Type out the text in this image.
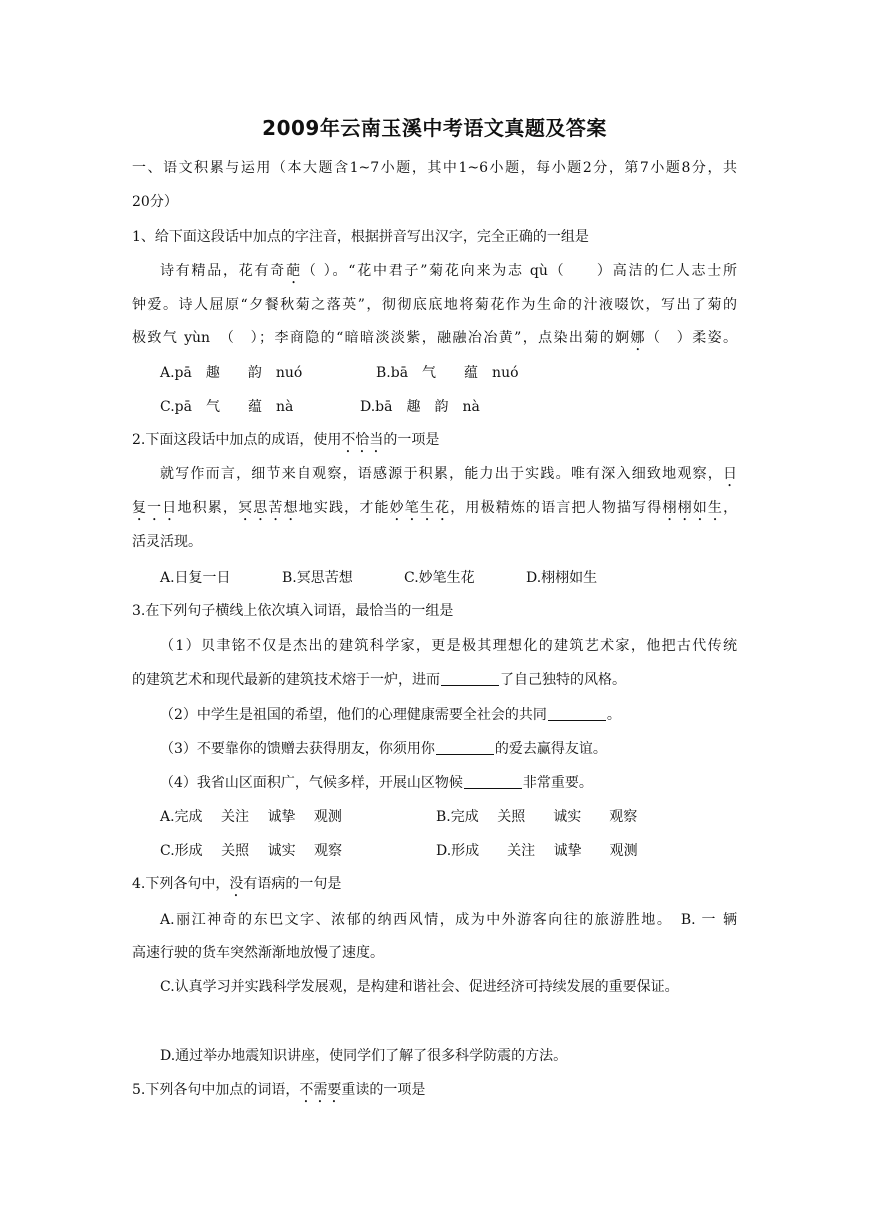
2009年云南玉溪中考语文真题及答案
一、语文积累与运用（本大题含1~7小题，其中1~6小题，每小题2分，第7小题8分，共
20分）
1、给下面这段话中加点的字注音，根据拼音写出汉字，完全正确的一组是
诗有精品，花有奇葩（ ）。“花中君子”菊花向来为志 qù（　　）高洁的仁人志士所
钟爱。诗人屈原“夕餐秋菊之落英”，彻彻底底地将菊花作为生命的汁液啜饮，写出了菊的
极致气 yùn　（　）；李商隐的“暗暗淡淡紫，融融冶冶黄”，点染出菊的婀娜（　）柔姿。
A.pā　趣　　韵　nuó	B.bā　气　　蕴　nuó
C.pā　气　　蕴　nà	D.bā　趣　韵　nà
2.下面这段话中加点的成语，使用不恰当的一项是
就写作而言，细节来自观察，语感源于积累，能力出于实践。唯有深入细致地观察，日
复一日地积累，冥思苦想地实践，才能妙笔生花，用极精炼的语言把人物描写得栩栩如生，
活灵活现。
A.日复一日	B.冥思苦想	C.妙笔生花	D.栩栩如生
3.在下列句子横线上依次填入词语，最恰当的一组是
（1）贝聿铭不仅是杰出的建筑科学家，更是极其理想化的建筑艺术家，他把古代传统
的建筑艺术和现代最新的建筑技术熔于一炉，进而	了自己独特的风格。
（2）中学生是祖国的希望，他们的心理健康需要全社会的共同	。
（3）不要靠你的馈赠去获得朋友，你须用你	的爱去赢得友谊。
（4）我省山区面积广，气候多样，开展山区物候	非常重要。
A.完成　 关注　 诚挚　 观测	B.完成　 关照　　诚实　　观察
C.形成　 关照　 诚实　 观察	D.形成　　关注　 诚挚　　观测
4.下列各句中，没有语病的一句是
A.丽江神奇的东巴文字、浓郁的纳西风情，成为中外游客向往的旅游胜地。　B. 一 辆
高速行驶的货车突然渐渐地放慢了速度。
C.认真学习并实践科学发展观，是构建和谐社会、促进经济可持续发展的重要保证。
D.通过举办地震知识讲座，使同学们了解了很多科学防震的方法。
5.下列各句中加点的词语，不需要重读的一项是
